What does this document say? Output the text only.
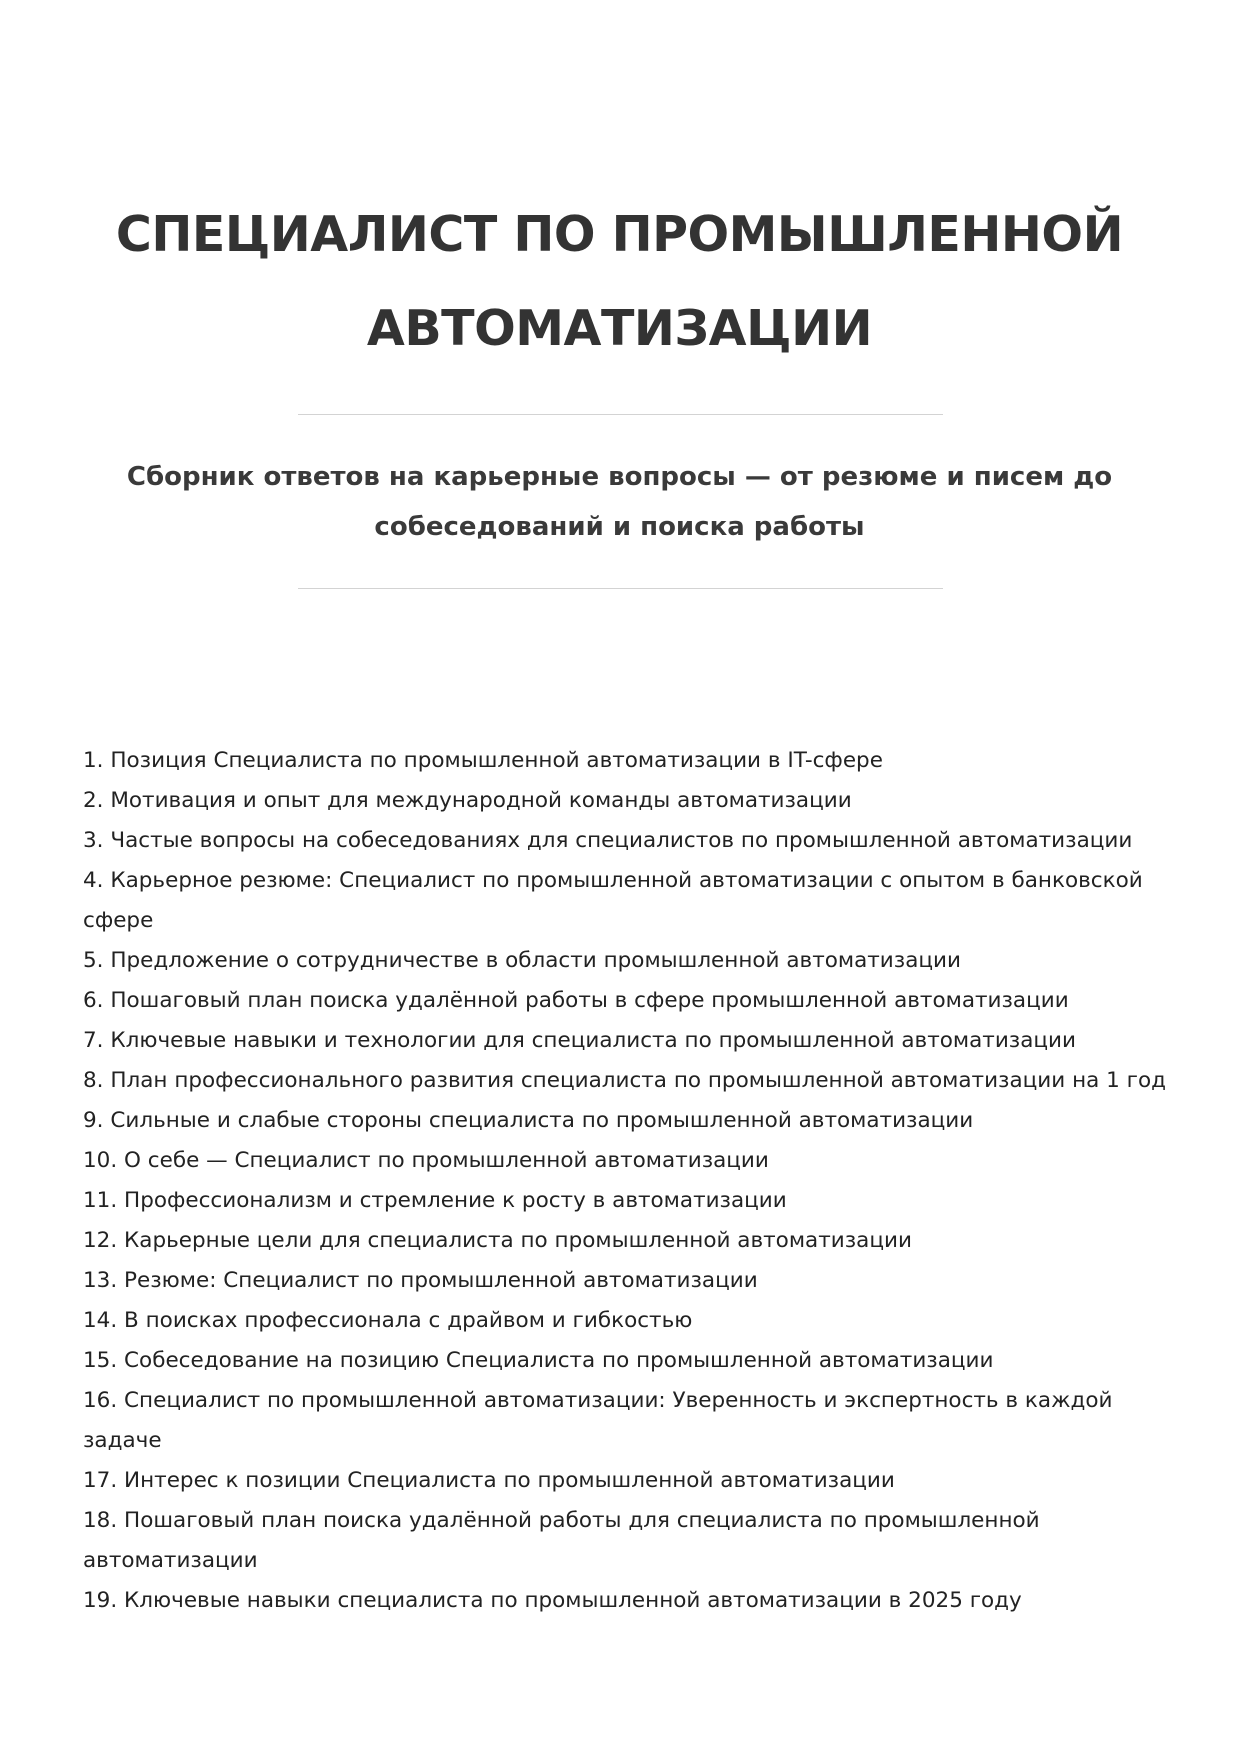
СПЕЦИАЛИСТ ПО ПРОМЫШЛЕННОЙ
АВТОМАТИЗАЦИИ

Сборник ответов на карьерные вопросы — от резюме и писем до собеседований и поиска работы

1. Позиция Специалиста по промышленной автоматизации в IT-сфере
2. Мотивация и опыт для международной команды автоматизации
3. Частые вопросы на собеседованиях для специалистов по промышленной автоматизации
4. Карьерное резюме: Специалист по промышленной автоматизации с опытом в банковской сфере
5. Предложение о сотрудничестве в области промышленной автоматизации
6. Пошаговый план поиска удалённой работы в сфере промышленной автоматизации
7. Ключевые навыки и технологии для специалиста по промышленной автоматизации
8. План профессионального развития специалиста по промышленной автоматизации на 1 год
9. Сильные и слабые стороны специалиста по промышленной автоматизации
10. О себе — Специалист по промышленной автоматизации
11. Профессионализм и стремление к росту в автоматизации
12. Карьерные цели для специалиста по промышленной автоматизации
13. Резюме: Специалист по промышленной автоматизации
14. В поисках профессионала с драйвом и гибкостью
15. Собеседование на позицию Специалиста по промышленной автоматизации
16. Специалист по промышленной автоматизации: Уверенность и экспертность в каждой задаче
17. Интерес к позиции Специалиста по промышленной автоматизации
18. Пошаговый план поиска удалённой работы для специалиста по промышленной автоматизации
19. Ключевые навыки специалиста по промышленной автоматизации в 2025 году
